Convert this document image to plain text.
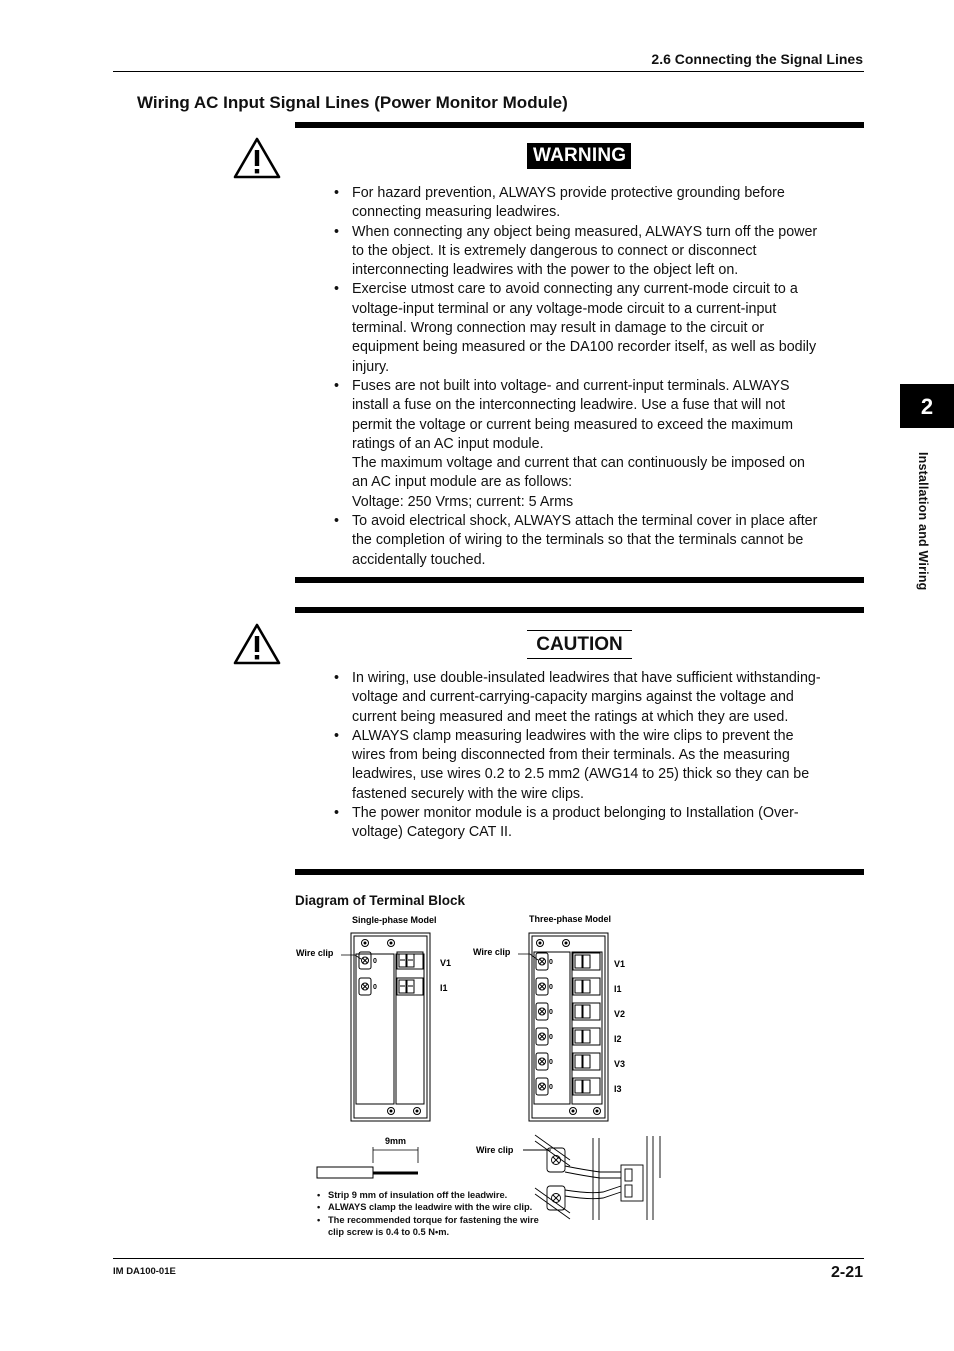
2.6 Connecting the Signal Lines
Wiring AC Input Signal Lines (Power Monitor Module)
WARNING
• For hazard prevention, ALWAYS provide protective grounding before connecting measuring leadwires.
• When connecting any object being measured, ALWAYS turn off the power to the object. It is extremely dangerous to connect or disconnect interconnecting leadwires with the power to the object left on.
• Exercise utmost care to avoid connecting any current-mode circuit to a voltage-input terminal or any voltage-mode circuit to a current-input terminal. Wrong connection may result in damage to the circuit or equipment being measured or the DA100 recorder itself, as well as bodily injury.
• Fuses are not built into voltage- and current-input terminals. ALWAYS install a fuse on the interconnecting leadwire. Use a fuse that will not permit the voltage or current being measured to exceed the maximum ratings of an AC input module.
The maximum voltage and current that can continuously be imposed on an AC input module are as follows:
Voltage: 250 Vrms; current: 5 Arms
• To avoid electrical shock, ALWAYS attach the terminal cover in place after the completion of wiring to the terminals so that the terminals cannot be accidentally touched.
CAUTION
• In wiring, use double-insulated leadwires that have sufficient withstanding-voltage and current-carrying-capacity margins against the voltage and current being measured and meet the ratings at which they are used.
• ALWAYS clamp measuring leadwires with the wire clips to prevent the wires from being disconnected from their terminals. As the measuring leadwires, use wires 0.2 to 2.5 mm2 (AWG14 to 25) thick so they can be fastened securely with the wire clips.
• The power monitor module is a product belonging to Installation (Over-voltage) Category CAT II.
Diagram of Terminal Block
Single-phase Model	Three-phase Model
0
0
Wire clip
V1
I1
0
0
0
0
0
0
Wire clip
V1
I1
V2
I2
V3
I3
9mm
Wire clip
• Strip 9 mm of insulation off the leadwire.
• ALWAYS clamp the leadwire with the wire clip.
• The recommended torque for fastening the wire clip screw is 0.4 to 0.5 N•m.
2
Installation and Wiring
IM DA100-01E	2-21
